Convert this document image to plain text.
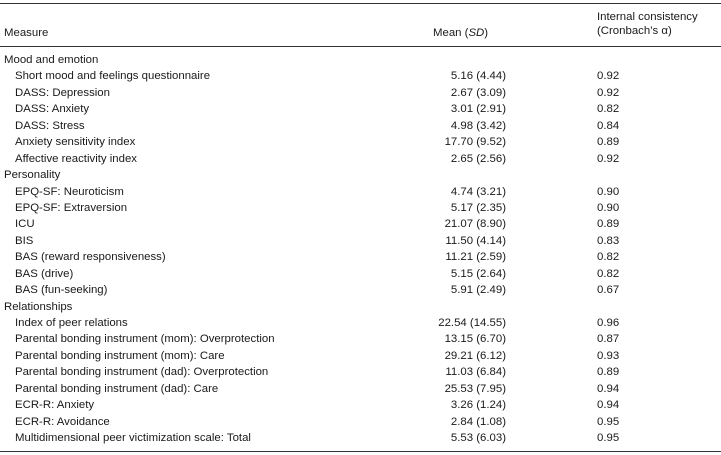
Measure	Mean (SD)
Internal consistency
(Cronbach’s α)
Mood and emotion
Short mood and feelings questionnaire	5.16 (4.44)	0.92
DASS: Depression	2.67 (3.09)	0.92
DASS: Anxiety	3.01 (2.91)	0.82
DASS: Stress	4.98 (3.42)	0.84
Anxiety sensitivity index	17.70 (9.52)	0.89
Affective reactivity index	2.65 (2.56)	0.92
Personality
EPQ-SF: Neuroticism	4.74 (3.21)	0.90
EPQ-SF: Extraversion	5.17 (2.35)	0.90
ICU	21.07 (8.90)	0.89
BIS	11.50 (4.14)	0.83
BAS (reward responsiveness)	11.21 (2.59)	0.82
BAS (drive)	5.15 (2.64)	0.82
BAS (fun-seeking)	5.91 (2.49)	0.67
Relationships
Index of peer relations	22.54 (14.55)	0.96
Parental bonding instrument (mom): Overprotection	13.15 (6.70)	0.87
Parental bonding instrument (mom): Care	29.21 (6.12)	0.93
Parental bonding instrument (dad): Overprotection	11.03 (6.84)	0.89
Parental bonding instrument (dad): Care	25.53 (7.95)	0.94
ECR-R: Anxiety	3.26 (1.24)	0.94
ECR-R: Avoidance	2.84 (1.08)	0.95
Multidimensional peer victimization scale: Total	5.53 (6.03)	0.95
